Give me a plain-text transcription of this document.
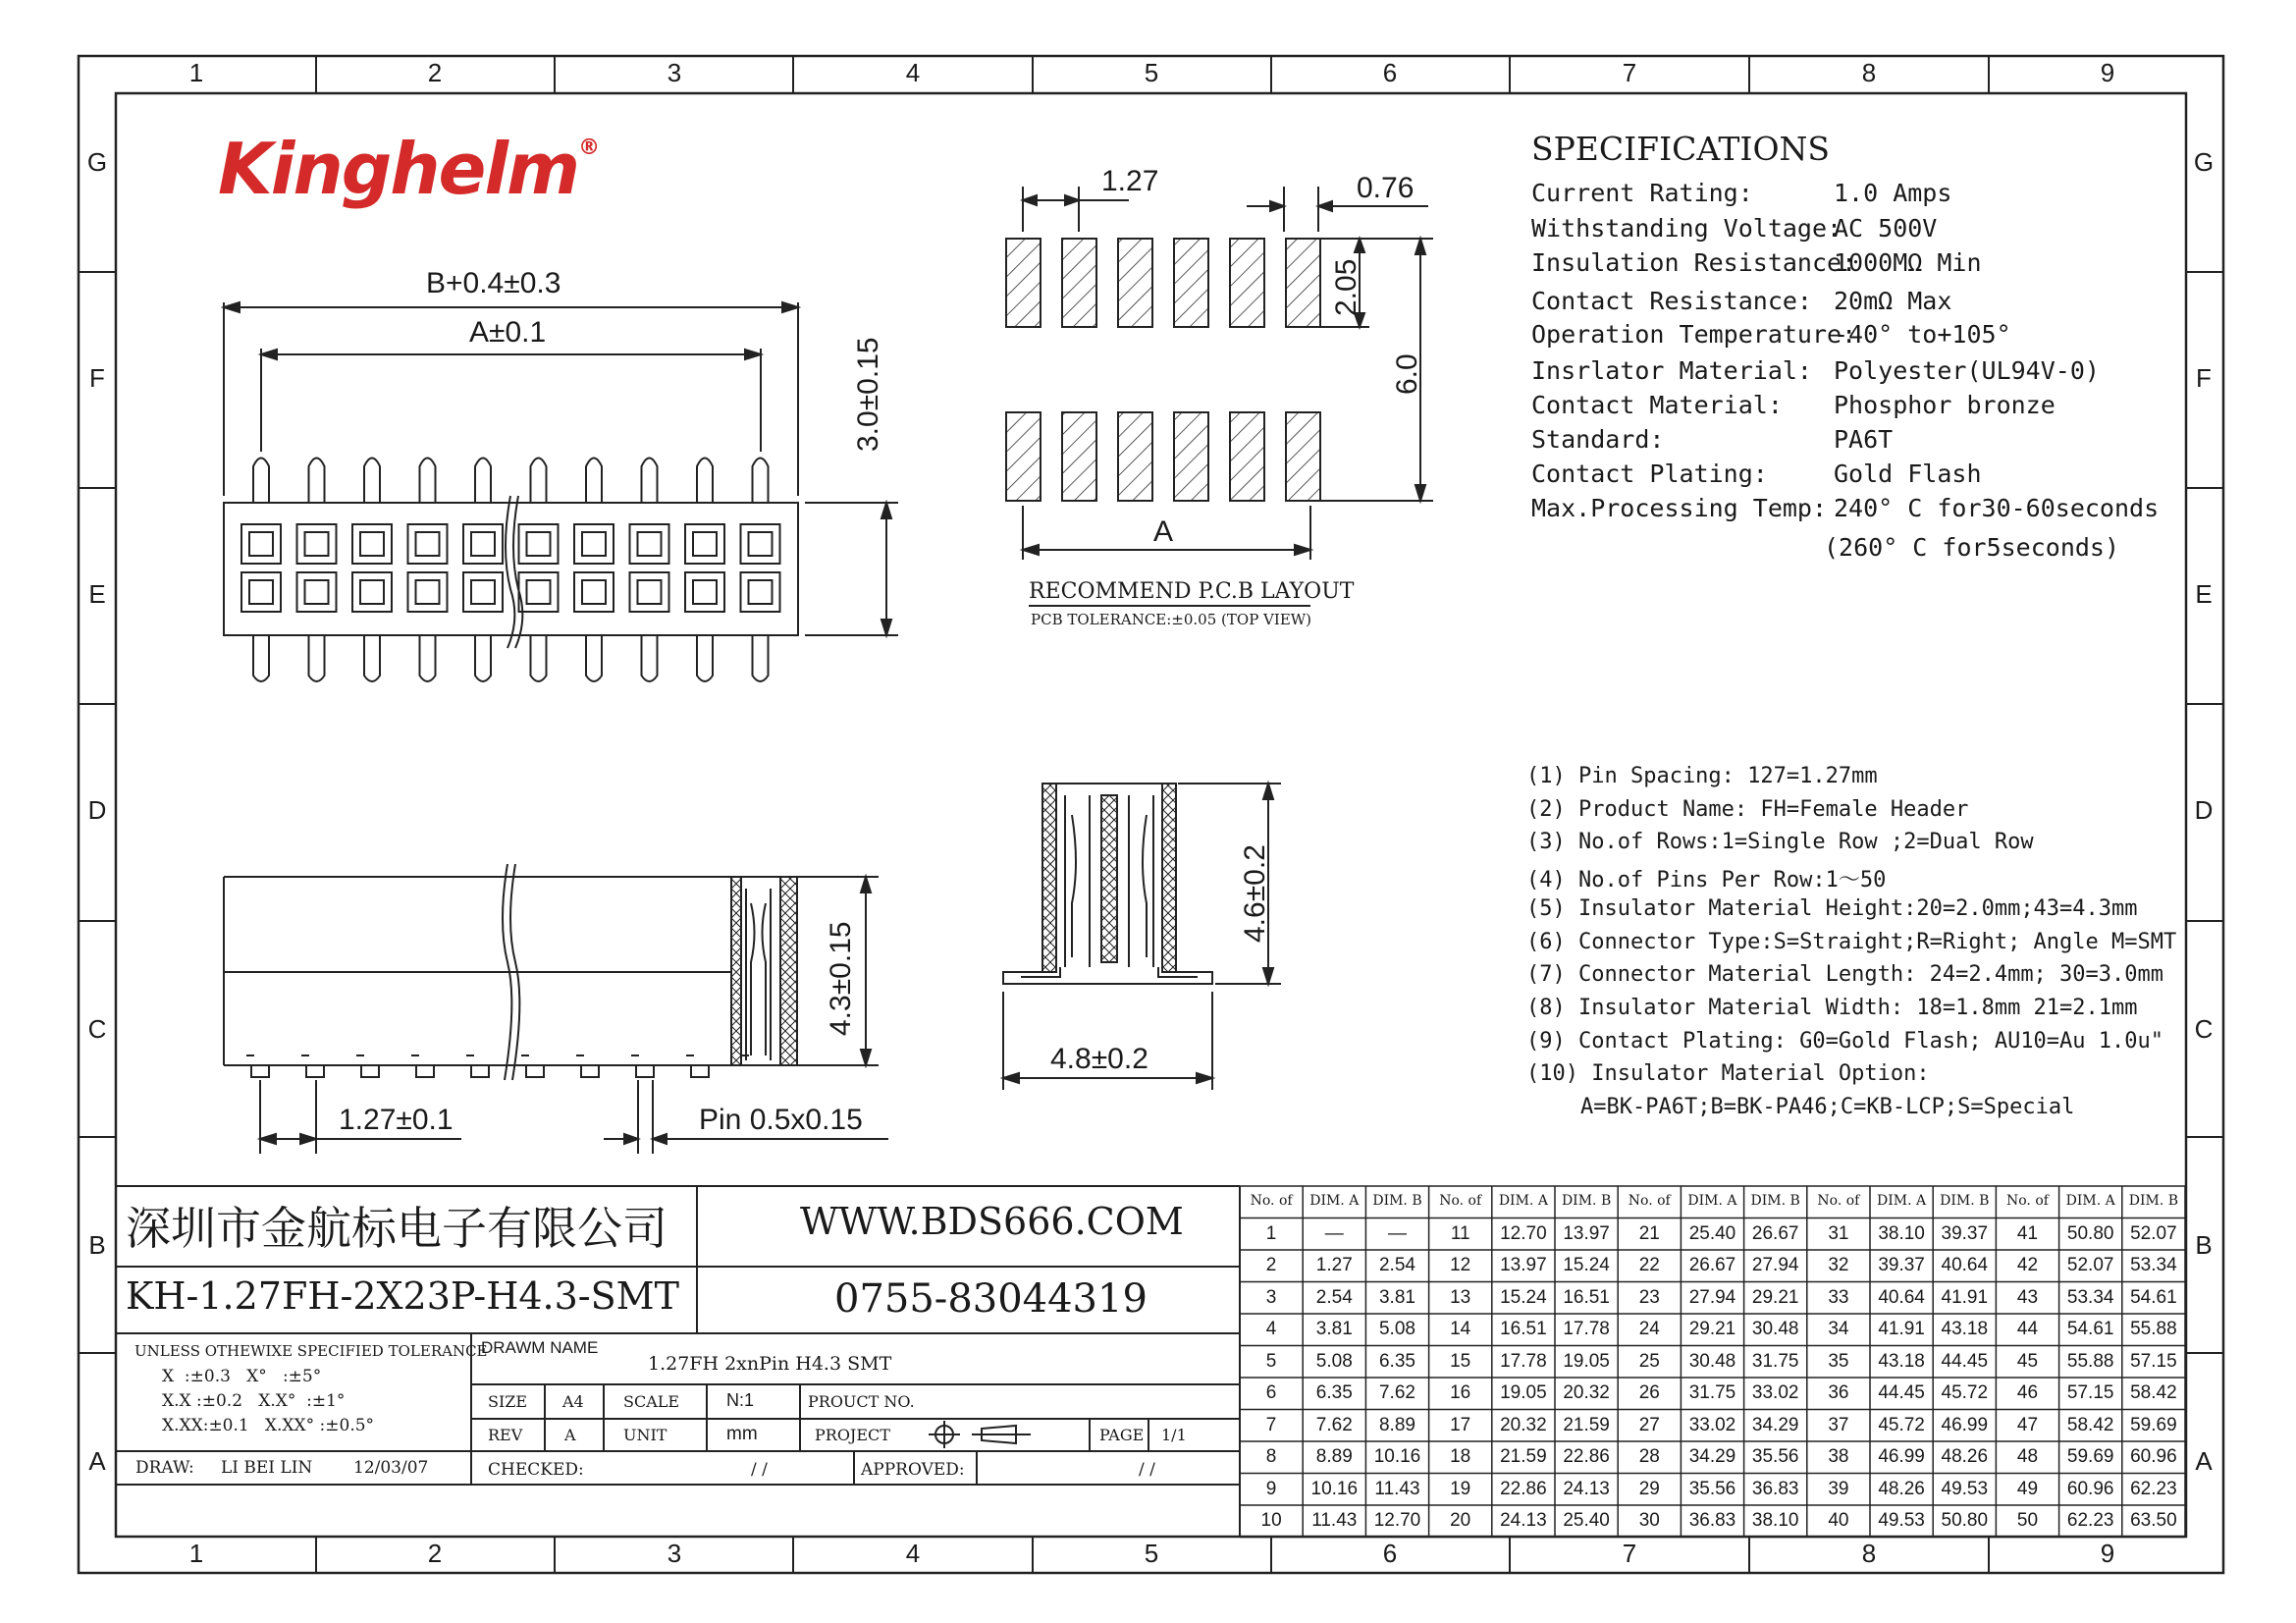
1
1
2
2
3
3
4
4
5
5
6
6
7
7
8
8
9
9
G	G
F	F
E	E
D	D
C	C
B	B
A	A
Kinghelm®
B+0.4±0.3
A±0.1
3.0±0.15
1.27	0.76
2.05
6.0
A
RECOMMEND P.C.B LAYOUT
PCB TOLERANCE:±0.05 (TOP VIEW)
SPECIFICATIONS
Current Rating:	1.0 Amps
Withstanding Voltage:
AC 500V
Insulation Resistance:
1000MΩ Min
Contact Resistance: 20mΩ Max
Operation Temperature:
-40° to+105°
Insrlator Material: Polyester(UL94V-0)
Contact Material: Phosphor bronze
Standard:	PA6T
Contact Plating:	Gold Flash
Max.Processing Temp: 240° C for30-60seconds
(260° C for5seconds)
4.3±0.15
1.27±0.1	Pin 0.5x0.15
4.6±0.2
4.8±0.2
(1) Pin Spacing: 127=1.27mm
(2) Product Name: FH=Female Header
(3) No.of Rows:1=Single Row ;2=Dual Row
(4) No.of Pins Per Row:1～50
(5) Insulator Material Height:20=2.0mm;43=4.3mm
(6) Connector Type:S=Straight;R=Right; Angle M=SMT
(7) Connector Material Length: 24=2.4mm; 30=3.0mm
(8) Insulator Material Width: 18=1.8mm 21=2.1mm
(9) Contact Plating: G0=Gold Flash; AU10=Au 1.0u"
(10) Insulator Material Option:
A=BK-PA6T;B=BK-PA46;C=KB-LCP;S=Special
深圳市金航标电子有限公司	WWW.BDS666.COM
KH-1.27FH-2X23P-H4.3-SMT	0755-83044319
UNLESS OTHEWIXE SPECIFIED TOLERANCE
X  :±0.3   X°   :±5°
X.X :±0.2   X.X°  :±1°
X.XX:±0.1   X.XX° :±0.5°
DRAWM NAME
1.27FH 2xnPin H4.3 SMT
SIZE A4	SCALE	N:1	PROUCT NO.
REV	A	UNIT	mm	PROJECT	PAGE 1/1
DRAW: LI BEI LIN 12/03/07	CHECKED:	/ /	APPROVED:	/ /
No. of	DIM. A	DIM. B	No. of	DIM. A	DIM. B	No. of	DIM. A	DIM. B	No. of	DIM. A	DIM. B	No. of	DIM. A	DIM. B
1	—	—	11	12.70 13.97	21	25.40 26.67	31	38.10 39.37	41	50.80 52.07
2	1.27	2.54	12	13.97 15.24	22	26.67 27.94	32	39.37 40.64	42	52.07 53.34
3	2.54	3.81	13	15.24 16.51	23	27.94 29.21	33	40.64 41.91	43	53.34 54.61
4	3.81	5.08	14	16.51 17.78	24	29.21 30.48	34	41.91 43.18	44	54.61 55.88
5	5.08	6.35	15	17.78 19.05	25	30.48 31.75	35	43.18 44.45	45	55.88 57.15
6	6.35	7.62	16	19.05 20.32	26	31.75 33.02	36	44.45 45.72	46	57.15 58.42
7	7.62	8.89	17	20.32 21.59	27	33.02 34.29	37	45.72 46.99	47	58.42 59.69
8	8.89	10.16	18	21.59 22.86	28	34.29 35.56	38	46.99 48.26	48	59.69 60.96
9	10.16 11.43	19	22.86 24.13	29	35.56 36.83	39	48.26 49.53	49	60.96 62.23
10	11.43 12.70	20	24.13 25.40	30	36.83 38.10	40	49.53 50.80	50	62.23 63.50
